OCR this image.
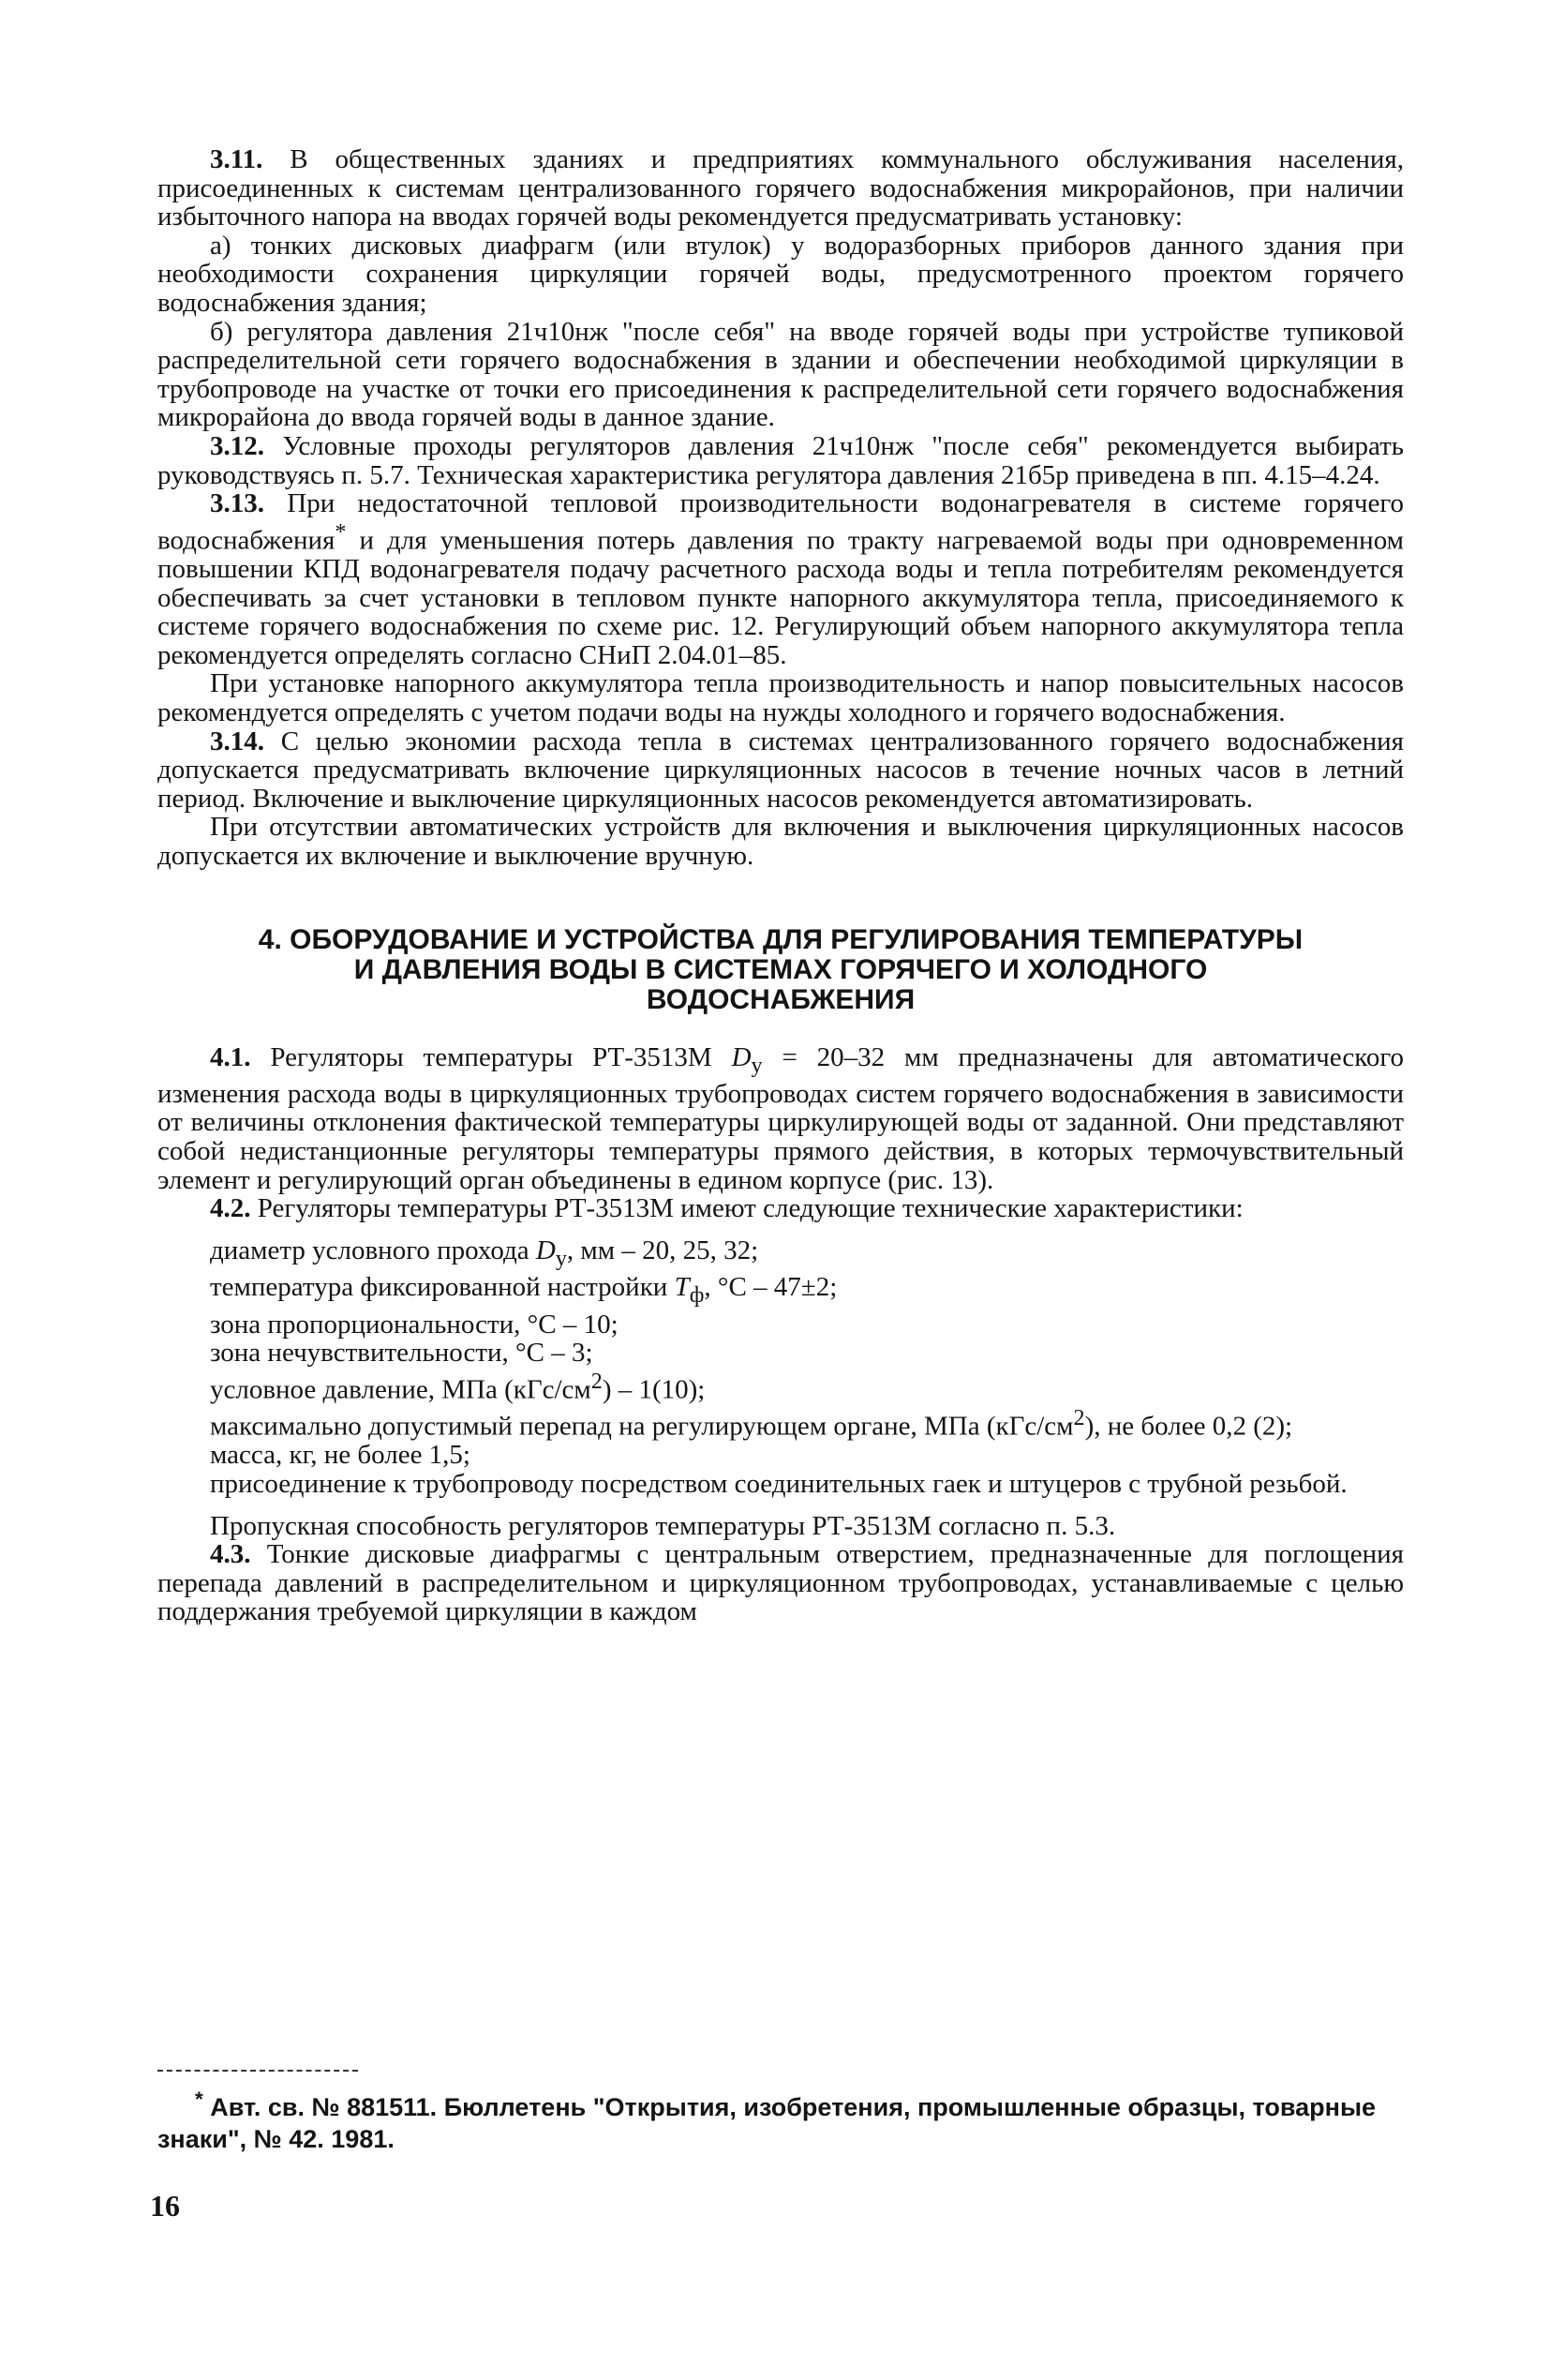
3.11. В общественных зданиях и предприятиях коммунального обслуживания населения, присоединенных к системам централизованного горячего водоснабжения микрорайонов, при наличии избыточного напора на вводах горячей воды рекомендуется предусматривать установку:

а) тонких дисковых диафрагм (или втулок) у водоразборных приборов данного здания при необходимости сохранения циркуляции горячей воды, предусмотренного проектом горячего водоснабжения здания;

б) регулятора давления 21ч10нж "после себя" на вводе горячей воды при устройстве тупиковой распределительной сети горячего водоснабжения в здании и обеспечении необходимой циркуляции в трубопроводе на участке от точки его присоединения к распределительной сети горячего водоснабжения микрорайона до ввода горячей воды в данное здание.

3.12. Условные проходы регуляторов давления 21ч10нж "после себя" рекомендуется выбирать руководствуясь п. 5.7. Техническая характеристика регулятора давления 21б5р приведена в пп. 4.15–4.24.

3.13. При недостаточной тепловой производительности водонагревателя в системе горячего водоснабжения* и для уменьшения потерь давления по тракту нагреваемой воды при одновременном повышении КПД водонагревателя подачу расчетного расхода воды и тепла потребителям рекомендуется обеспечивать за счет установки в тепловом пункте напорного аккумулятора тепла, присоединяемого к системе горячего водоснабжения по схеме рис. 12. Регулирующий объем напорного аккумулятора тепла рекомендуется определять согласно СНиП 2.04.01–85.

При установке напорного аккумулятора тепла производительность и напор повысительных насосов рекомендуется определять с учетом подачи воды на нужды холодного и горячего водоснабжения.

3.14. С целью экономии расхода тепла в системах централизованного горячего водоснабжения допускается предусматривать включение циркуляционных насосов в течение ночных часов в летний период. Включение и выключение циркуляционных насосов рекомендуется автоматизировать.

При отсутствии автоматических устройств для включения и выключения циркуляционных насосов допускается их включение и выключение вручную.

4. ОБОРУДОВАНИЕ И УСТРОЙСТВА ДЛЯ РЕГУЛИРОВАНИЯ ТЕМПЕРАТУРЫ
И ДАВЛЕНИЯ ВОДЫ В СИСТЕМАХ ГОРЯЧЕГО И ХОЛОДНОГО
ВОДОСНАБЖЕНИЯ

4.1. Регуляторы температуры РТ-3513М $D_у = 20-32$ мм предназначены для автоматического изменения расхода воды в циркуляционных трубопроводах систем горячего водоснабжения в зависимости от величины отклонения фактической температуры циркулирующей воды от заданной. Они представляют собой недистанционные регуляторы температуры прямого действия, в которых термочувствительный элемент и регулирующий орган объединены в едином корпусе (рис. 13).

4.2. Регуляторы температуры РТ-3513М имеют следующие технические характеристики:

диаметр условного прохода $D_у$, мм – 20, 25, 32;

температура фиксированной настройки $T_ф$, °С – 47±2;

зона пропорциональности, °С – 10;

зона нечувствительности, °С – 3;

условное давление, МПа $(кГс/см^2) - 1(10)$;

максимально допустимый перепад на регулирующем органе, МПа $(кГс/см^2)$, не более 0,2 (2);

масса, кг, не более 1,5;

присоединение к трубопроводу посредством соединительных гаек и штуцеров с трубной резьбой.

Пропускная способность регуляторов температуры РТ-3513М согласно п. 5.3.

4.3. Тонкие дисковые диафрагмы с центральным отверстием, предназначенные для поглощения перепада давлений в распределительном и циркуляционном трубопроводах, устанавливаемые с целью поддержания требуемой циркуляции в каждом

* Авт. св. № 881511. Бюллетень "Открытия, изобретения, промышленные образцы, товарные знаки", № 42. 1981.
16
